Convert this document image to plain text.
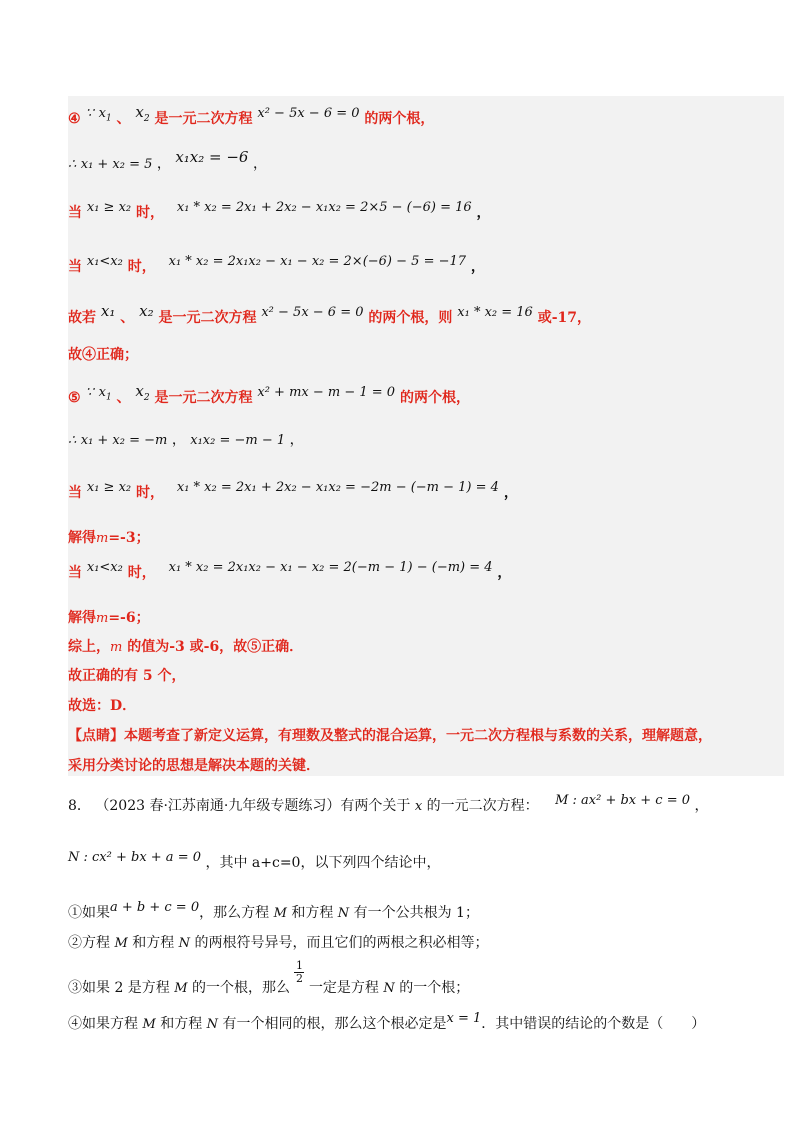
④ ∵ $x_1$ 、 $x_2$ 是一元二次方程 x² − 5x − 6 = 0 的两个根，
∴ x₁ + x₂ = 5 ， x₁x₂ = −6 ，
当 x₁ ≥ x₂ 时， x₁ * x₂ = 2x₁ + 2x₂ − x₁x₂ = 2×5 − (−6) = 16 ，
当 x₁<x₂ 时， x₁ * x₂ = 2x₁x₂ − x₁ − x₂ = 2×(−6) − 5 = −17 ，
故若 x₁ 、 x₂ 是一元二次方程 x² − 5x − 6 = 0 的两个根，则 x₁ * x₂ = 16 或-17，
故④正确；
⑤ ∵ $x_1$ 、 $x_2$ 是一元二次方程 x² + mx − m − 1 = 0 的两个根，
∴ x₁ + x₂ = −m ， x₁x₂ = −m − 1 ，
当 x₁ ≥ x₂ 时， x₁ * x₂ = 2x₁ + 2x₂ − x₁x₂ = −2m − (−m − 1) = 4 ，
解得m=-3；
当 x₁<x₂ 时， x₁ * x₂ = 2x₁x₂ − x₁ − x₂ = 2(−m − 1) − (−m) = 4 ，
解得m=-6；
综上，m 的值为-3 或-6，故⑤正确．
故正确的有 5 个，
故选：D．
【点睛】本题考查了新定义运算，有理数及整式的混合运算，一元二次方程根与系数的关系，理解题意，
采用分类讨论的思想是解决本题的关键．
8． （2023 春·江苏南通·九年级专题练习）有两个关于 x 的一元二次方程： M : ax² + bx + c = 0 ，
N : cx² + bx + a = 0 ，其中 a+c=0，以下列四个结论中，
①如果a + b + c = 0，那么方程 M 和方程 N 有一个公共根为 1；
②方程 M 和方程 N 的两根符号异号，而且它们的两根之积必相等；
③如果 2 是方程 M 的一个根，那么
$\frac{1}{2}$
一定是方程 N 的一个根；
④如果方程 M 和方程 N 有一个相同的根，那么这个根必定是x = 1．其中错误的结论的个数是（　　）
